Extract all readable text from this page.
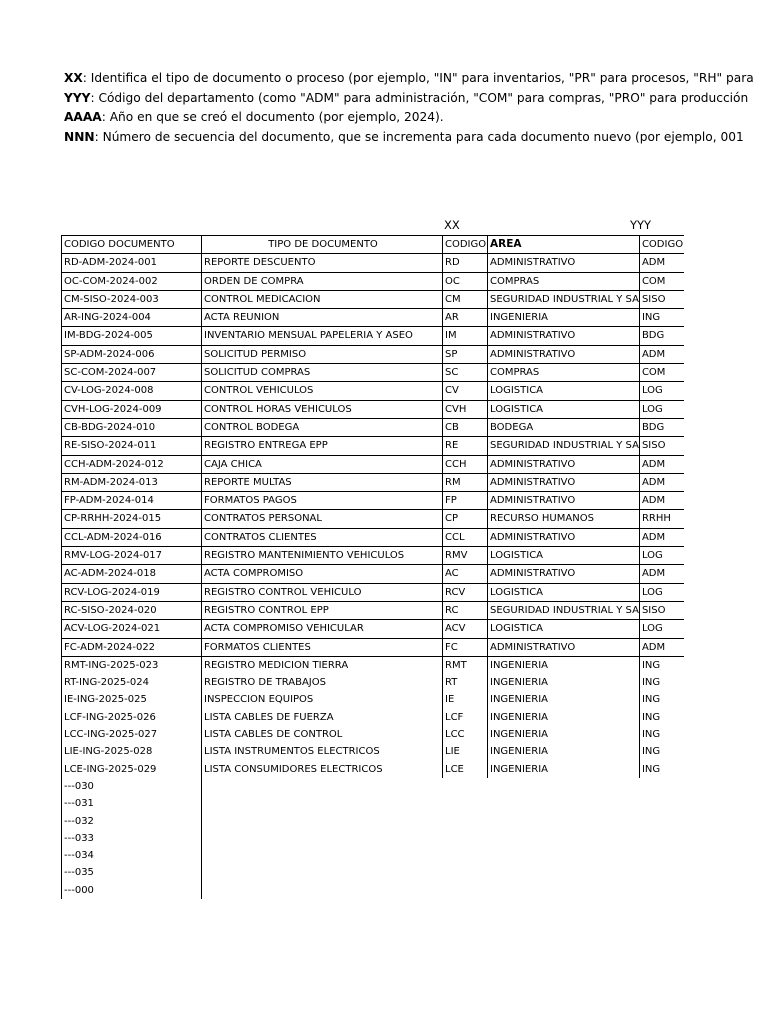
XX: Identifica el tipo de documento o proceso (por ejemplo, "IN" para inventarios, "PR" para procesos, "RH" para
YYY: Código del departamento (como "ADM" para administración, "COM" para compras, "PRO" para producción
AAAA: Año en que se creó el documento (por ejemplo, 2024).
NNN: Número de secuencia del documento, que se incrementa para cada documento nuevo (por ejemplo, 001
XX	YYY
CODIGO DOCUMENTO	TIPO DE DOCUMENTO	CODIGO	AREA	CODIGO
RD-ADM-2024-001	REPORTE DESCUENTO	RD	ADMINISTRATIVO	ADM
OC-COM-2024-002	ORDEN DE COMPRA	OC	COMPRAS	COM
CM-SISO-2024-003	CONTROL MEDICACION	CM	SEGURIDAD INDUSTRIAL Y SA	SISO
AR-ING-2024-004	ACTA REUNION	AR	INGENIERIA	ING
IM-BDG-2024-005	INVENTARIO MENSUAL PAPELERIA Y ASEO	IM	ADMINISTRATIVO	BDG
SP-ADM-2024-006	SOLICITUD PERMISO	SP	ADMINISTRATIVO	ADM
SC-COM-2024-007	SOLICITUD COMPRAS	SC	COMPRAS	COM
CV-LOG-2024-008	CONTROL VEHICULOS	CV	LOGISTICA	LOG
CVH-LOG-2024-009	CONTROL HORAS VEHICULOS	CVH	LOGISTICA	LOG
CB-BDG-2024-010	CONTROL BODEGA	CB	BODEGA	BDG
RE-SISO-2024-011	REGISTRO ENTREGA EPP	RE	SEGURIDAD INDUSTRIAL Y SA	SISO
CCH-ADM-2024-012	CAJA CHICA	CCH	ADMINISTRATIVO	ADM
RM-ADM-2024-013	REPORTE MULTAS	RM	ADMINISTRATIVO	ADM
FP-ADM-2024-014	FORMATOS PAGOS	FP	ADMINISTRATIVO	ADM
CP-RRHH-2024-015	CONTRATOS PERSONAL	CP	RECURSO HUMANOS	RRHH
CCL-ADM-2024-016	CONTRATOS CLIENTES	CCL	ADMINISTRATIVO	ADM
RMV-LOG-2024-017	REGISTRO MANTENIMIENTO VEHICULOS	RMV	LOGISTICA	LOG
AC-ADM-2024-018	ACTA COMPROMISO	AC	ADMINISTRATIVO	ADM
RCV-LOG-2024-019	REGISTRO CONTROL VEHICULO	RCV	LOGISTICA	LOG
RC-SISO-2024-020	REGISTRO CONTROL EPP	RC	SEGURIDAD INDUSTRIAL Y SA	SISO
ACV-LOG-2024-021	ACTA COMPROMISO VEHICULAR	ACV	LOGISTICA	LOG
FC-ADM-2024-022	FORMATOS CLIENTES	FC	ADMINISTRATIVO	ADM
RMT-ING-2025-023	REGISTRO MEDICION TIERRA	RMT	INGENIERIA	ING
RT-ING-2025-024	REGISTRO DE TRABAJOS	RT	INGENIERIA	ING
IE-ING-2025-025	INSPECCION EQUIPOS	IE	INGENIERIA	ING
LCF-ING-2025-026	LISTA CABLES DE FUERZA	LCF	INGENIERIA	ING
LCC-ING-2025-027	LISTA CABLES DE CONTROL	LCC	INGENIERIA	ING
LIE-ING-2025-028	LISTA INSTRUMENTOS ELECTRICOS	LIE	INGENIERIA	ING
LCE-ING-2025-029	LISTA CONSUMIDORES ELECTRICOS	LCE	INGENIERIA	ING
---030				
---031				
---032				
---033				
---034				
---035				
---000				
